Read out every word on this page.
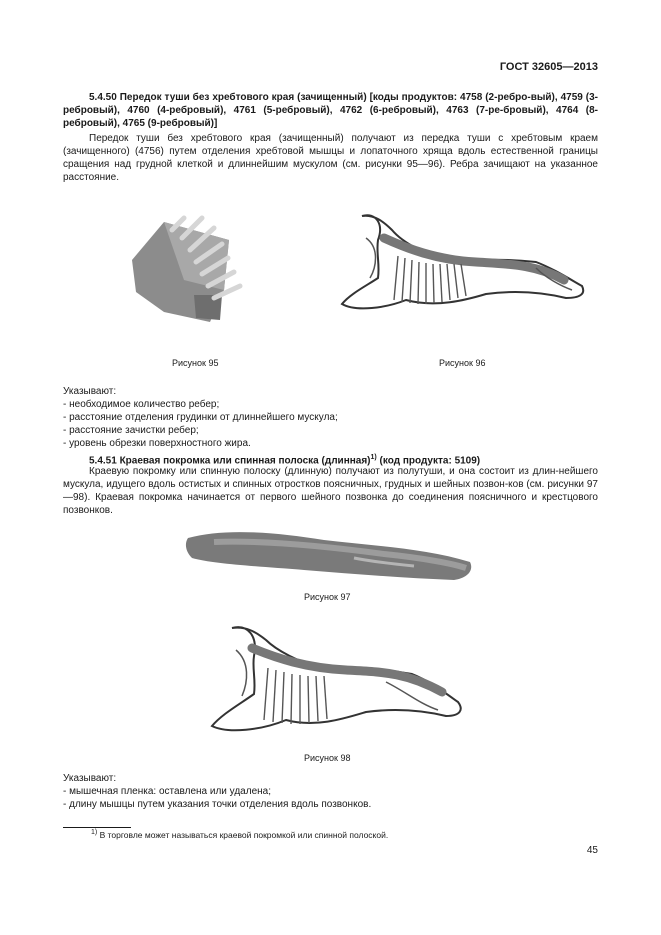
ГОСТ 32605—2013

5.4.50 Передок туши без хребтового края (зачищенный) [коды продуктов: 4758 (2-ребро-вый), 4759 (3-ребровый), 4760 (4-ребровый), 4761 (5-ребровый), 4762 (6-ребровый), 4763 (7-ре-бровый), 4764 (8-ребровый), 4765 (9-ребровый)]

Передок туши без хребтового края (зачищенный) получают из передка туши с хребтовым краем (зачищенного) (4756) путем отделения хребтовой мышцы и лопаточного хряща вдоль естественной границы сращения над грудной клеткой и длиннейшим мускулом (см. рисунки 95—96). Ребра зачищают на указанное расстояние.

Рисунок 95	Рисунок 96

Указывают:

- необходимое количество ребер;
- расстояние отделения грудинки от длиннейшего мускула;
- расстояние зачистки ребер;
- уровень обрезки поверхностного жира.

5.4.51 Краевая покромка или спинная полоска (длинная)$^{1)}$ (код продукта: 5109)

Краевую покромку или спинную полоску (длинную) получают из полутуши, и она состоит из длин-нейшего мускула, идущего вдоль остистых и спинных отростков поясничных, грудных и шейных позвон-ков (см. рисунки 97—98). Краевая покромка начинается от первого шейного позвонка до соединения поясничного и крестцового позвонков.

Рисунок 97
Рисунок 98

Указывают:

- мышечная пленка: оставлена или удалена;
- длину мышцы путем указания точки отделения вдоль позвонков.
$^{1)}$ В торговле может называться краевой покромкой или спинной полоской.
45
